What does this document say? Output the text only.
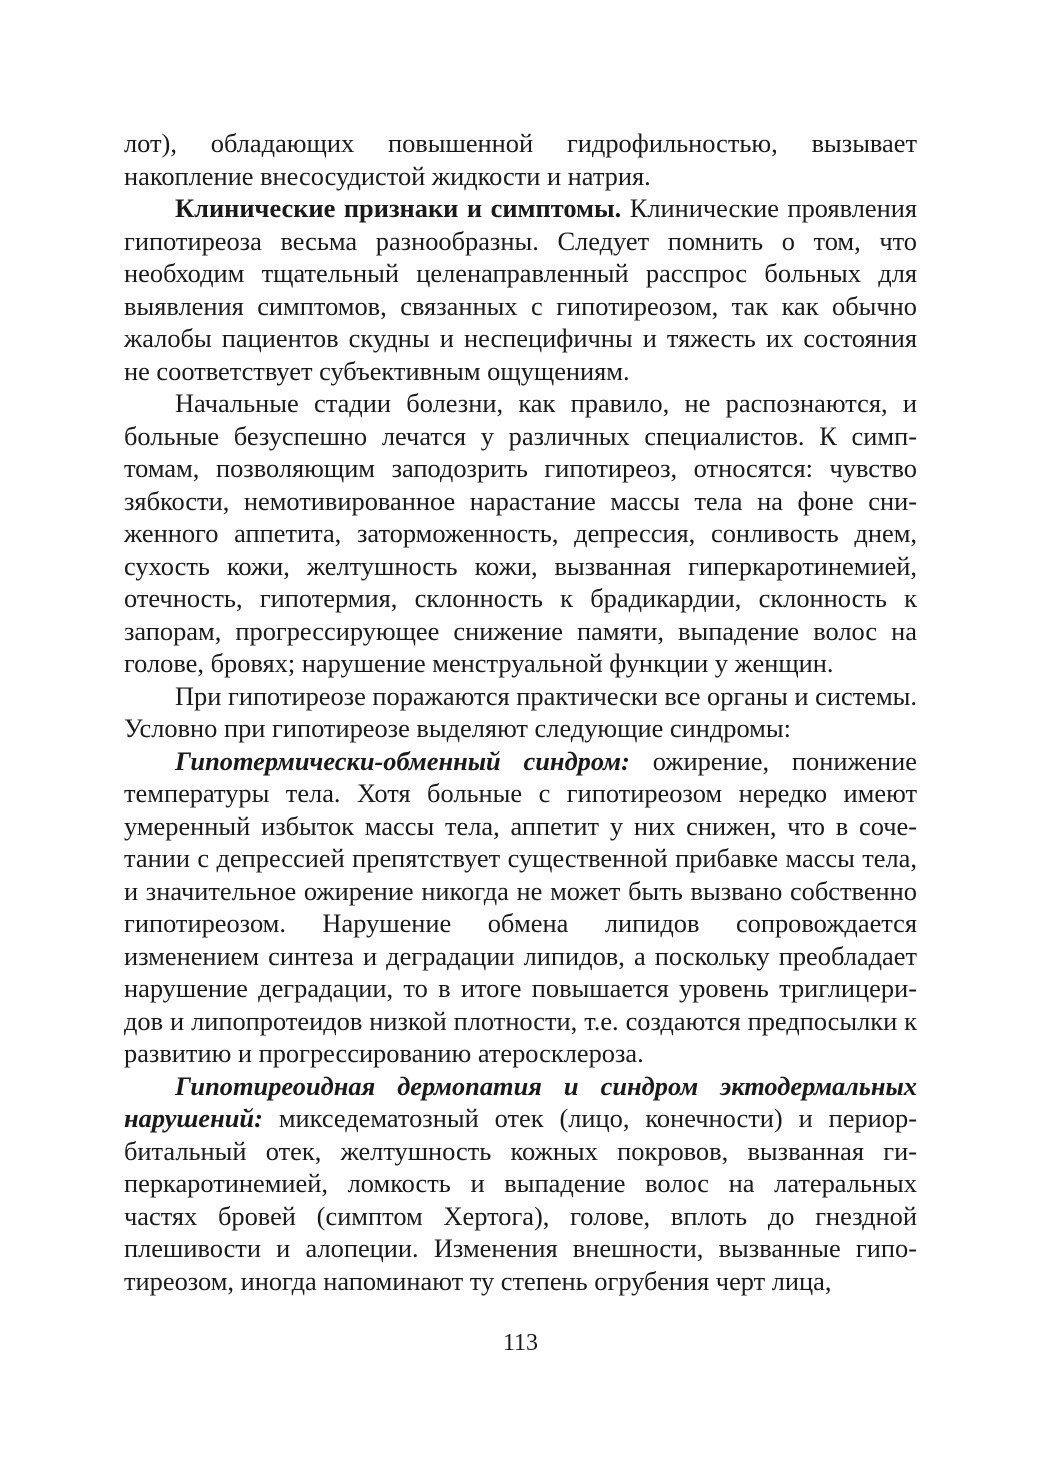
лот), обладающих повышенной гидрофильностью, вызывает накопление внесосудистой жидкости и натрия.

Клинические признаки и симптомы. Клинические проявления гипотиреоза весьма разнообразны. Следует помнить о том, что необходим тщательный целенаправленный расспрос больных для выявления симптомов, связанных с гипотиреозом, так как обычно жалобы пациентов скудны и неспецифичны и тяжесть их состояния не соответствует субъективным ощущениям.

Начальные стадии болезни, как правило, не распознаются, и больные безуспешно лечатся у различных специалистов. К симптомам, позволяющим заподозрить гипотиреоз, относятся: чувство зябкости, немотивированное нарастание массы тела на фоне сниженного аппетита, заторможенность, депрессия, сонливость днем, сухость кожи, желтушность кожи, вызванная гиперкаротинемией, отечность, гипотермия, склонность к брадикардии, склонность к запорам, прогрессирующее снижение памяти, выпадение волос на голове, бровях; нарушение менструальной функции у женщин.

При гипотиреозе поражаются практически все органы и системы. Условно при гипотиреозе выделяют следующие синдромы:

Гипотермически-обменный синдром: ожирение, понижение температуры тела. Хотя больные с гипотиреозом нередко имеют умеренный избыток массы тела, аппетит у них снижен, что в сочетании с депрессией препятствует существенной прибавке массы тела, и значительное ожирение никогда не может быть вызвано собственно гипотиреозом. Нарушение обмена липидов сопровождается изменением синтеза и деградации липидов, а поскольку преобладает нарушение деградации, то в итоге повышается уровень триглицеридов и липопротеидов низкой плотности, т.е. создаются предпосылки к развитию и прогрессированию атеросклероза.

Гипотиреоидная дермопатия и синдром эктодермальных нарушений: микседематозный отек (лицо, конечности) и периорбитальный отек, желтушность кожных покровов, вызванная гиперкаротинемией, ломкость и выпадение волос на латеральных частях бровей (симптом Хертога), голове, вплоть до гнездной плешивости и алопеции. Изменения внешности, вызванные гипотиреозом, иногда напоминают ту степень огрубения черт лица,

113
